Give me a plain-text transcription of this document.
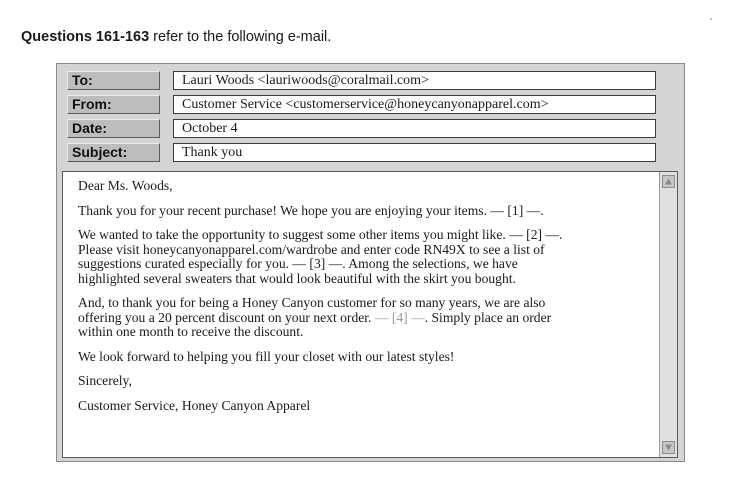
Questions 161-163 refer to the following e-mail.
To:	Lauri Woods <lauriwoods@coralmail.com>
From:	Customer Service <customerservice@honeycanyonapparel.com>
Date:	October 4
Subject:	Thank you

Dear Ms. Woods,

Thank you for your recent purchase! We hope you are enjoying your items. — [1] —.

We wanted to take the opportunity to suggest some other items you might like. — [2] —.
Please visit honeycanyonapparel.com/wardrobe and enter code RN49X to see a list of
suggestions curated especially for you. — [3] —. Among the selections, we have
highlighted several sweaters that would look beautiful with the skirt you bought.

And, to thank you for being a Honey Canyon customer for so many years, we are also
offering you a 20 percent discount on your next order. — [4] —. Simply place an order
within one month to receive the discount.

We look forward to helping you fill your closet with our latest styles!

Sincerely,

Customer Service, Honey Canyon Apparel
